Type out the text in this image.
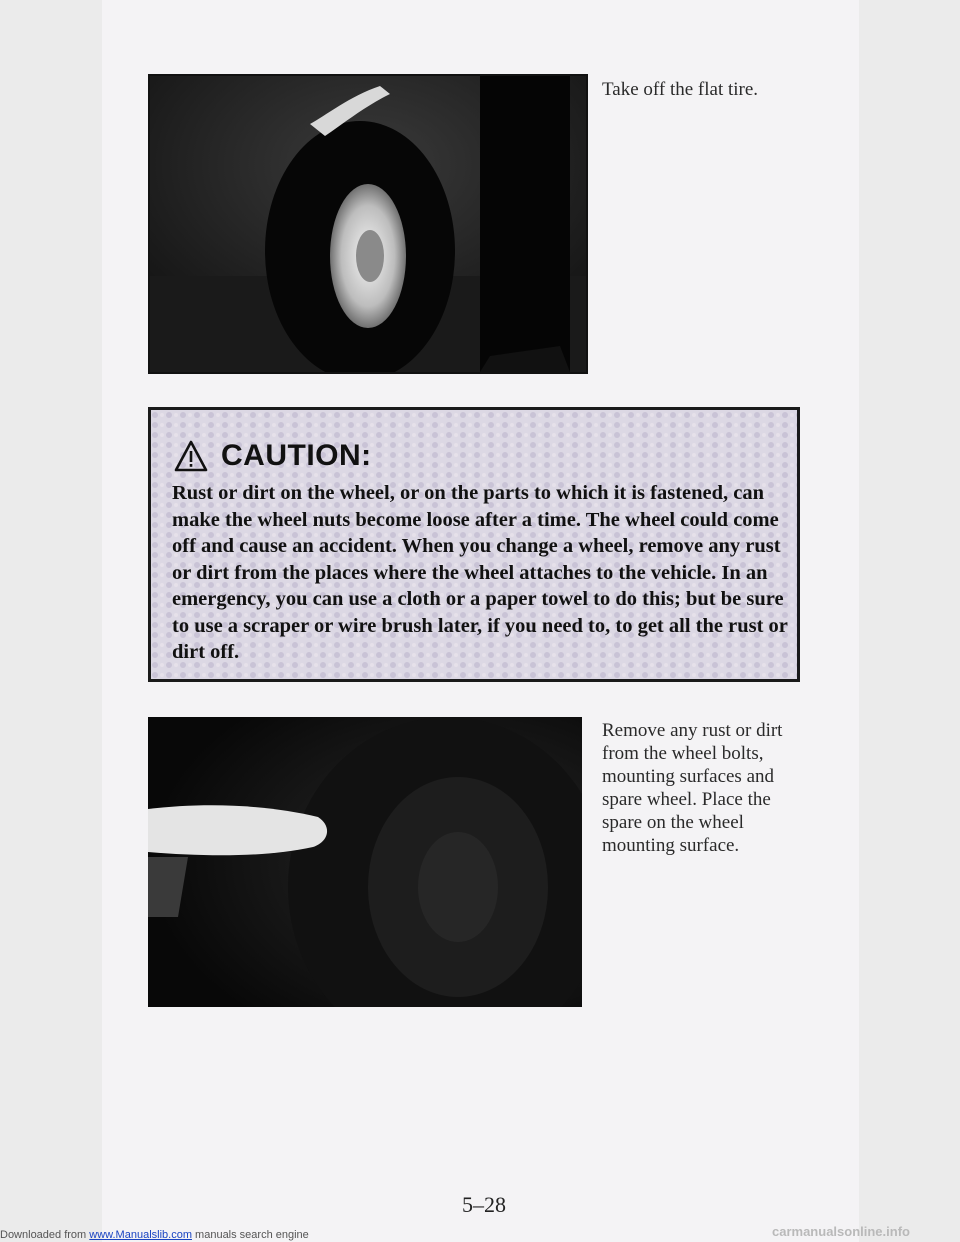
Take off the flat tire.
CAUTION:
Rust or dirt on the wheel, or on the parts to which it is fastened, can make the wheel nuts become loose after a time. The wheel could come off and cause an accident. When you change a wheel, remove any rust or dirt from the places where the wheel attaches to the vehicle. In an emergency, you can use a cloth or a paper towel to do this; but be sure to use a scraper or wire brush later, if you need to, to get all the rust or dirt off.
Remove any rust or dirt from the wheel bolts, mounting surfaces and spare wheel. Place the spare on the wheel mounting surface.
5–28
Downloaded from www.Manualslib.com manuals search engine	carmanualsonline.info
